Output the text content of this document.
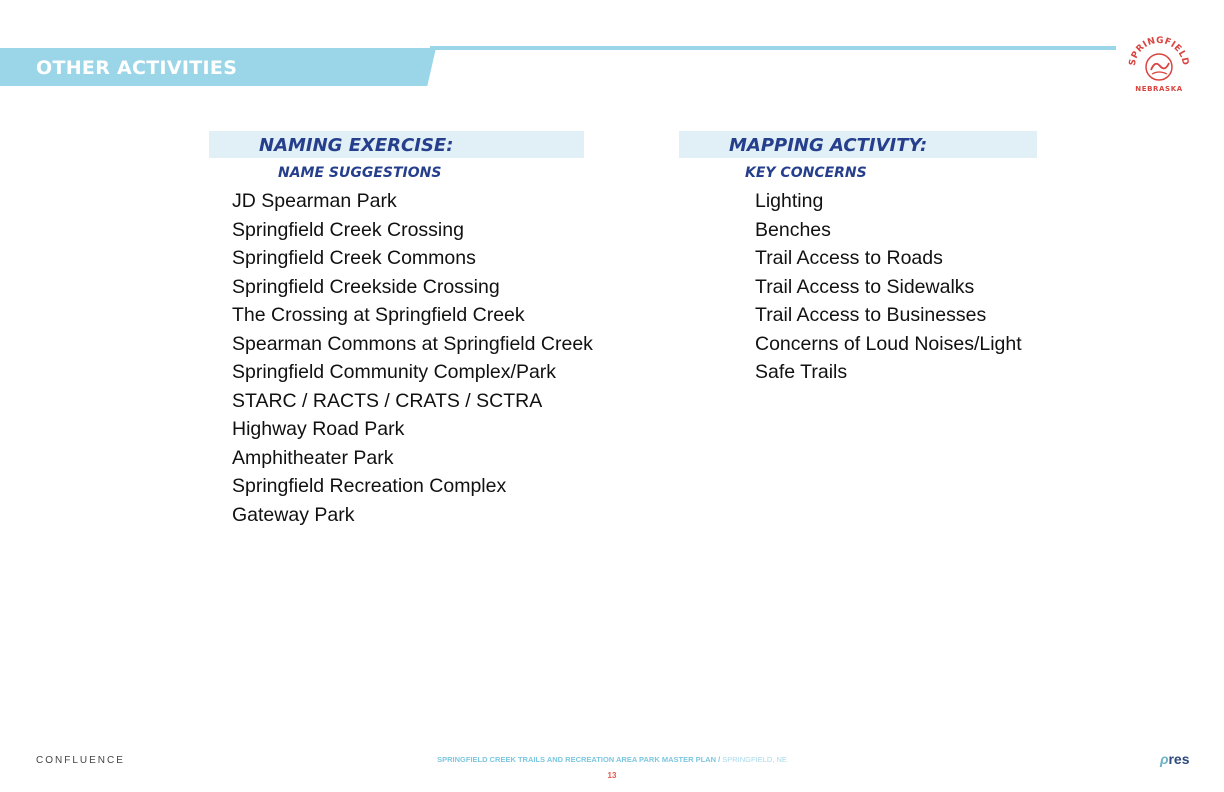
OTHER ACTIVITIES	SPRINGFIELD
NEBRASKA
NAMING EXERCISE:
NAME SUGGESTIONS
JD Spearman Park
Springfield Creek Crossing
Springfield Creek Commons
Springfield Creekside Crossing
The Crossing at Springfield Creek
Spearman Commons at Springfield Creek
Springfield Community Complex/Park
STARC / RACTS / CRATS / SCTRA
Highway Road Park
Amphitheater Park
Springfield Recreation Complex
Gateway Park
MAPPING ACTIVITY:
KEY CONCERNS
Lighting
Benches
Trail Access to Roads
Trail Access to Sidewalks
Trail Access to Businesses
Concerns of Loud Noises/Light
Safe Trails
CONFLUENCE	SPRINGFIELD CREEK TRAILS AND RECREATION AREA PARK MASTER PLAN / SPRINGFIELD, NE
13
ρres
